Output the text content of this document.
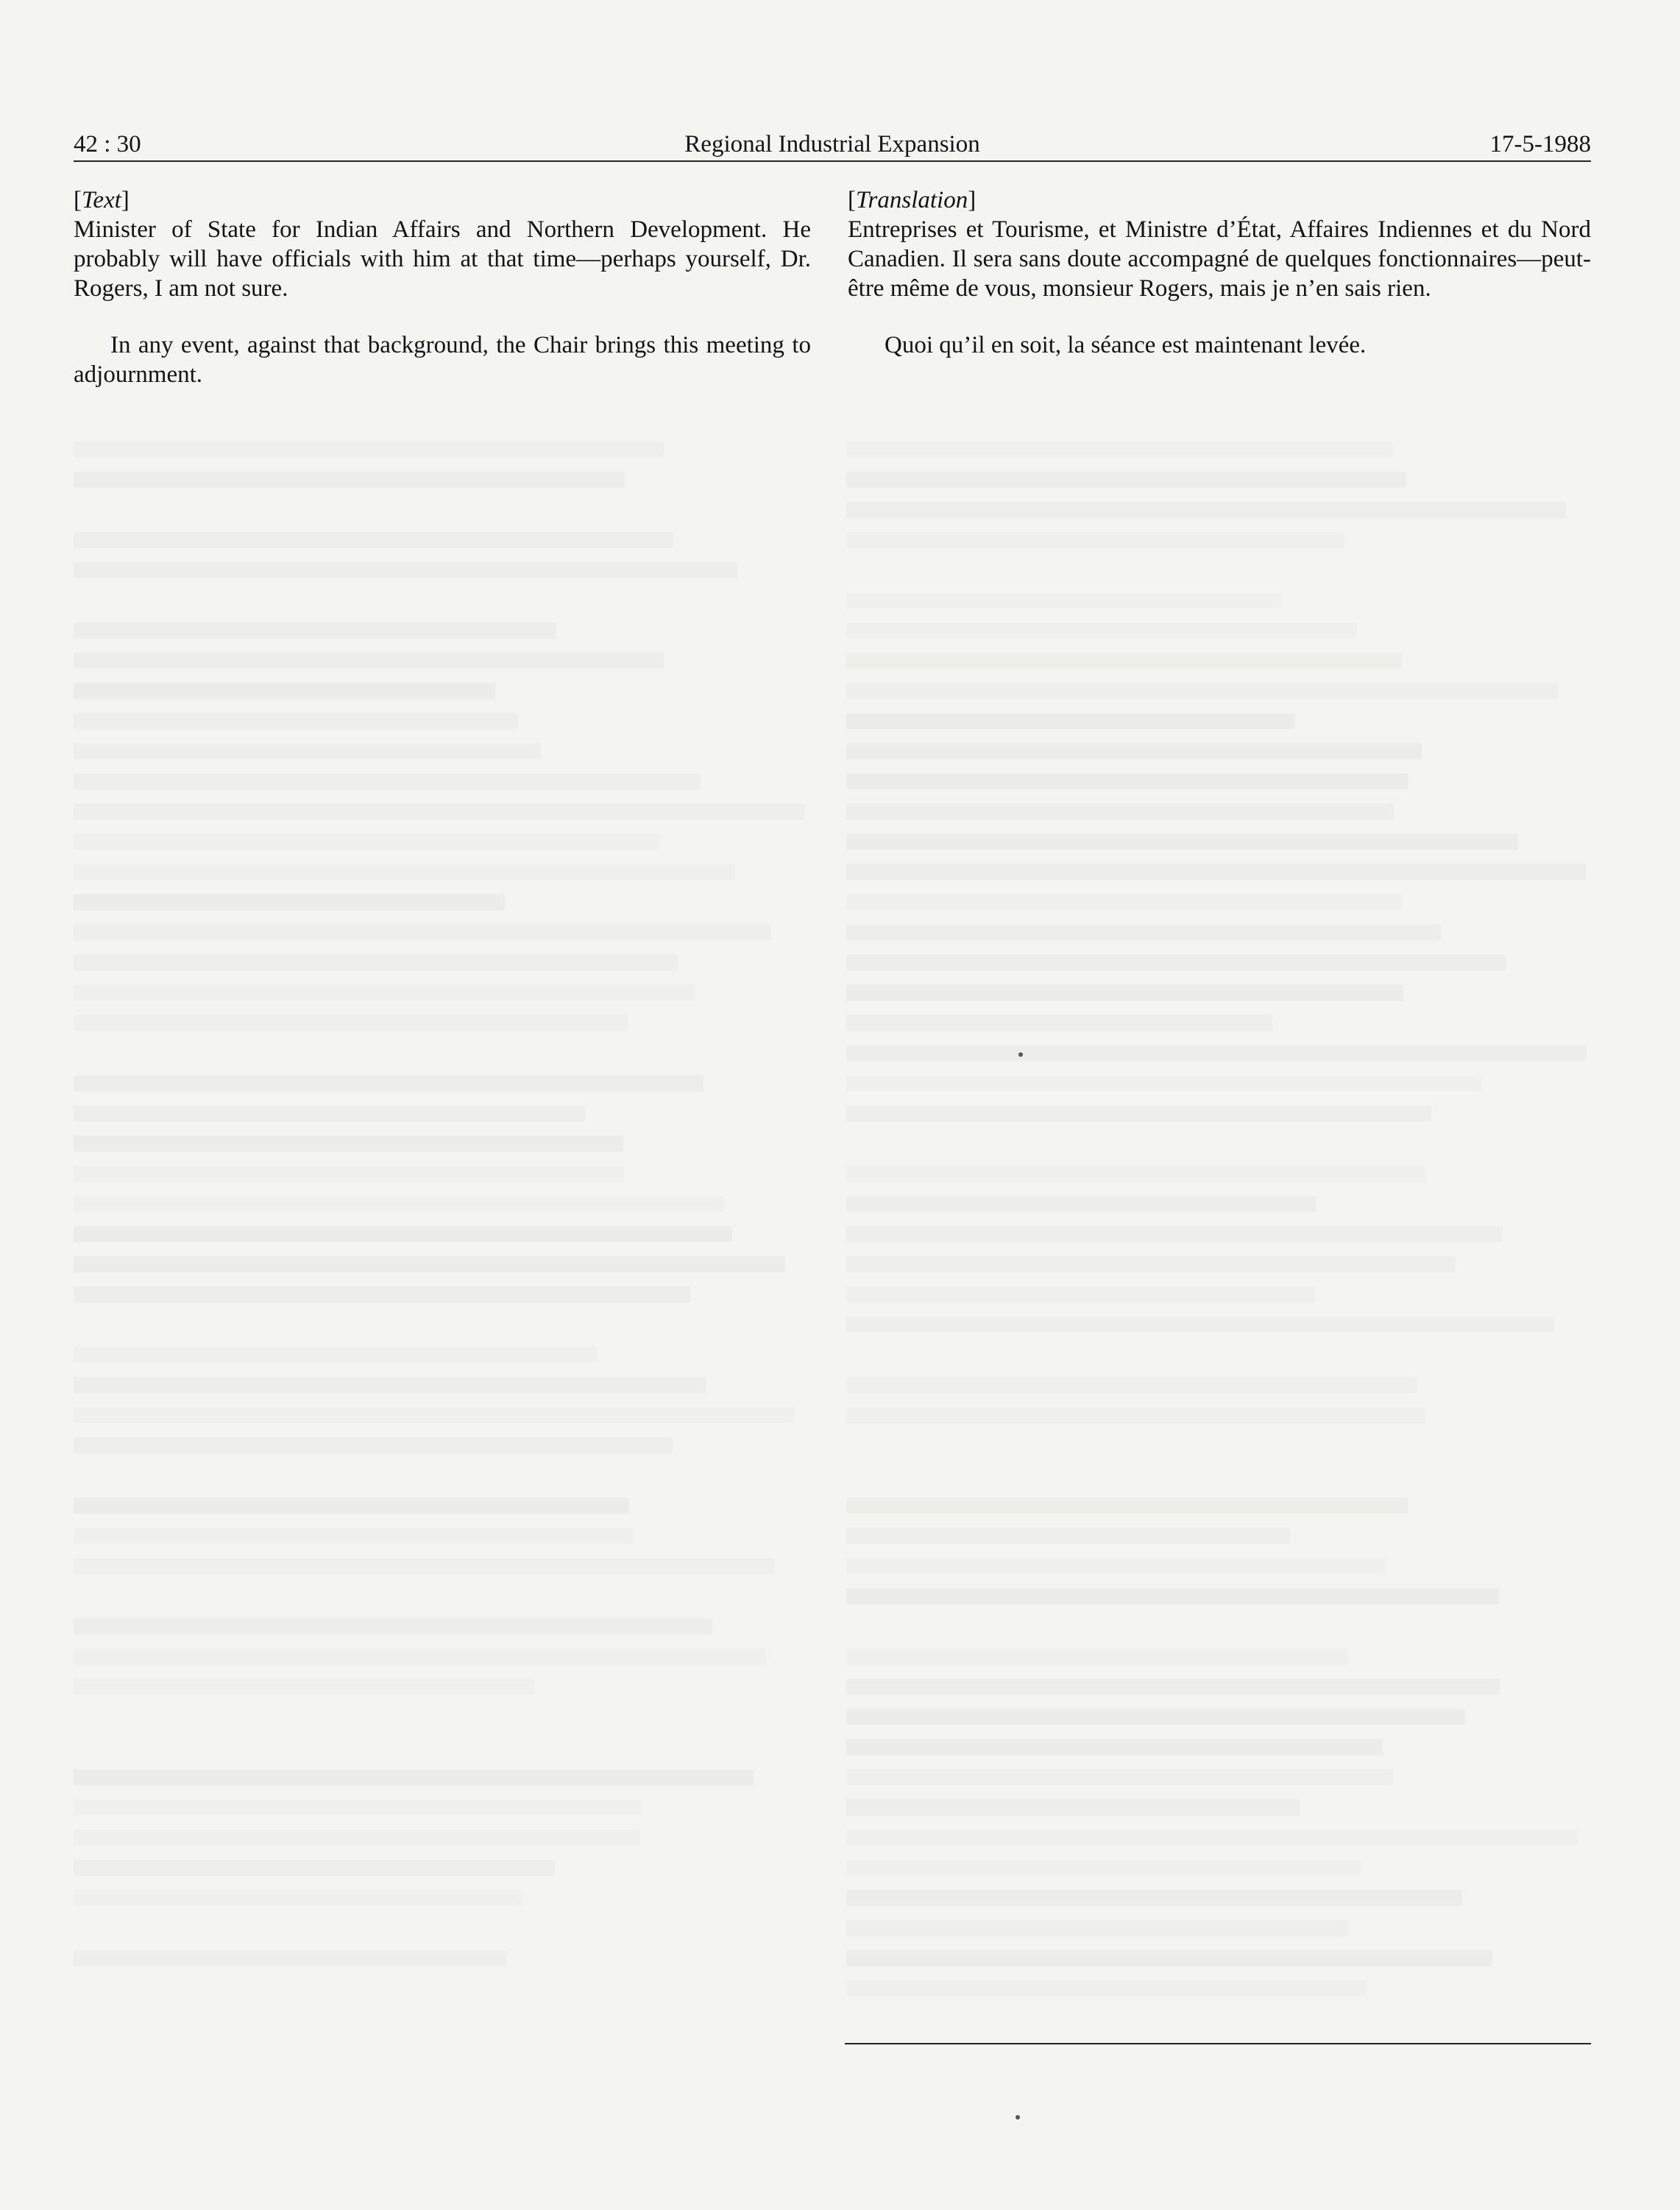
42 : 30	Regional Industrial Expansion	17-5-1988
[Text]

Minister of State for Indian Affairs and Northern Development. He probably will have officials with him at that time—perhaps yourself, Dr. Rogers, I am not sure.

In any event, against that background, the Chair brings this meeting to adjournment.

[Translation]

Entreprises et Tourisme, et Ministre d’État, Affaires Indiennes et du Nord Canadien. Il sera sans doute accompagné de quelques fonctionnaires—peut-être même de vous, monsieur Rogers, mais je n’en sais rien.

Quoi qu’il en soit, la séance est maintenant levée.
